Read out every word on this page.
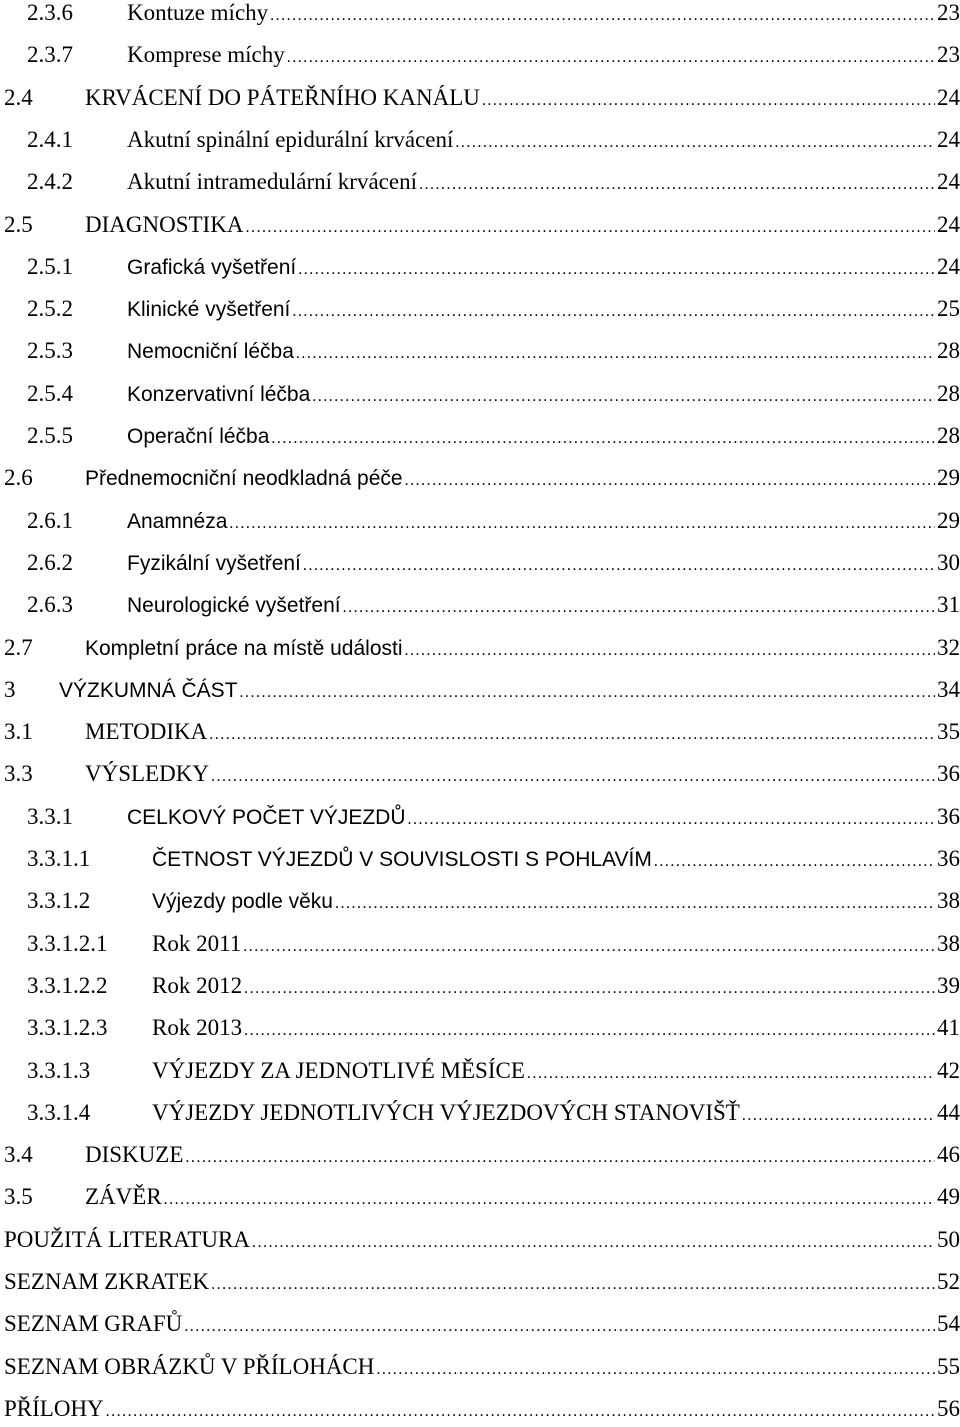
2.3.6 Kontuze míchy .....	23
2.3.7 Komprese míchy .....	23
2.4 KRVÁCENÍ DO PÁTEŘNÍHO KANÁLU .....	24
2.4.1 Akutní spinální epidurální krvácení .....	24
2.4.2 Akutní intramedulární krvácení .....	24
2.5 DIAGNOSTIKA .....	24
2.5.1	Grafická vyšetření .....	24
2.5.2	Klinické vyšetření .....	25
2.5.3	Nemocniční léčba .....	28
2.5.4	Konzervativní léčba .....	28
2.5.5	Operační léčba .....	28
2.6 Přednemocniční neodkladná péče .....	29
2.6.1	Anamnéza .....	29
2.6.2	Fyzikální vyšetření .....	30
2.6.3	Neurologické vyšetření .....	31
2.7 Kompletní práce na místě události .....	32
3 VÝZKUMNÁ ČÁST .....	34
3.1 METODIKA .....	35
3.3 VÝSLEDKY .....	36
3.3.1	CELKOVÝ POČET VÝJEZDŮ .....	36
3.3.1.1	ČETNOST VÝJEZDŮ V SOUVISLOSTI S POHLAVÍM .....	36
3.3.1.2	Výjezdy podle věku .....	38
3.3.1.2.1 Rok 2011 .....	38
3.3.1.2.2 Rok 2012 .....	39
3.3.1.2.3 Rok 2013 .....	41
3.3.1.3	VÝJEZDY ZA JEDNOTLIVÉ MĚSÍCE .....	42
3.3.1.4	VÝJEZDY JEDNOTLIVÝCH VÝJEZDOVÝCH STANOVIŠŤ .....	44
3.4 DISKUZE .....	46
3.5 ZÁVĚR .....	49
POUŽITÁ LITERATURA .....	50
SEZNAM ZKRATEK .....	52
SEZNAM GRAFŮ .....	54
SEZNAM OBRÁZKŮ V PŘÍLOHÁCH .....	55
PŘÍLOHY .....	56
